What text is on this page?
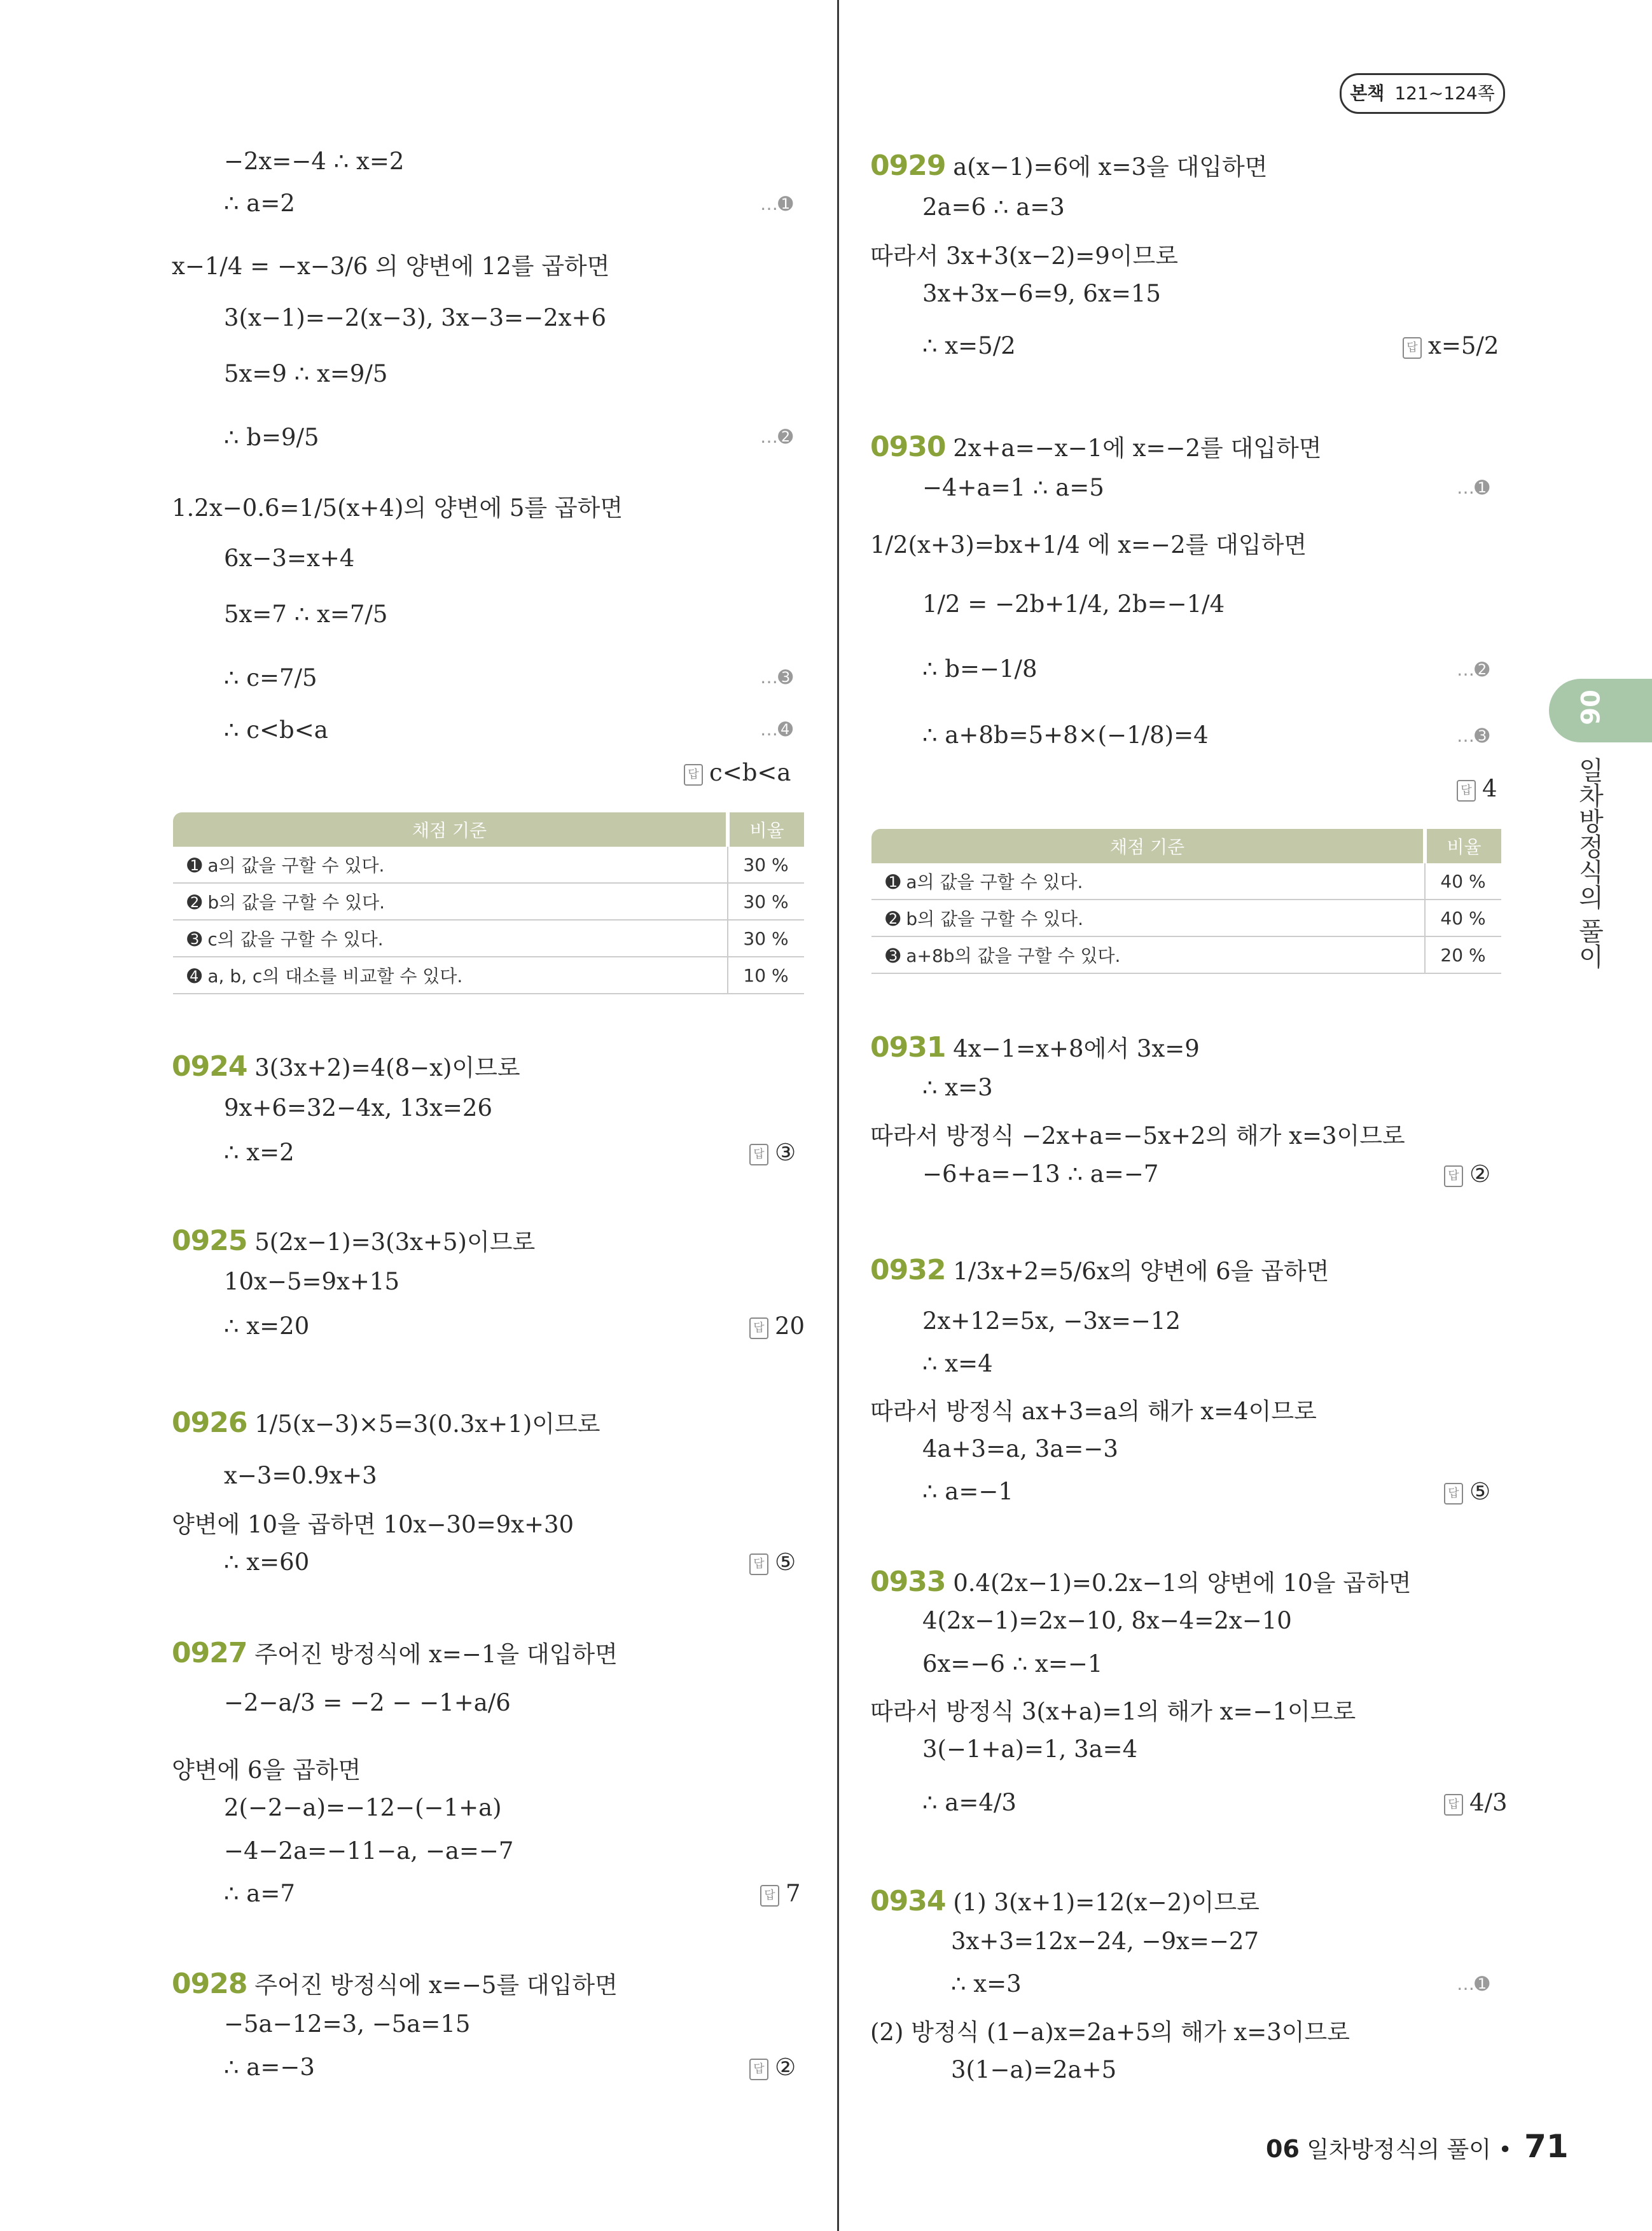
본책 121~124쪽
06
일차방정식의 풀이
−2x=−4 ∴ x=2
∴ a=2	…➊
x−1/4 = −x−3/6 의 양변에 12를 곱하면
3(x−1)=−2(x−3), 3x−3=−2x+6
5x=9 ∴ x=9/5
∴ b=9/5	…➋
1.2x−0.6=1/5(x+4)의 양변에 5를 곱하면
6x−3=x+4
5x=7 ∴ x=7/5
∴ c=7/5	…➌
∴ c<b<a	…➍
답 c<b<a
채점 기준	비율
➊ a의 값을 구할 수 있다.	30 %
➋ b의 값을 구할 수 있다.	30 %
➌ c의 값을 구할 수 있다.	30 %
➍ a, b, c의 대소를 비교할 수 있다.	10 %
0924 3(3x+2)=4(8−x)이므로
9x+6=32−4x, 13x=26
∴ x=2	답 ③
0925 5(2x−1)=3(3x+5)이므로
10x−5=9x+15
∴ x=20	답 20
0926 1/5(x−3)×5=3(0.3x+1)이므로
x−3=0.9x+3
양변에 10을 곱하면 10x−30=9x+30
∴ x=60	답 ⑤
0927 주어진 방정식에 x=−1을 대입하면
−2−a/3 = −2 − −1+a/6
양변에 6을 곱하면
2(−2−a)=−12−(−1+a)
−4−2a=−11−a, −a=−7
∴ a=7	답 7
0928 주어진 방정식에 x=−5를 대입하면
−5a−12=3, −5a=15
∴ a=−3	답 ②
0929 a(x−1)=6에 x=3을 대입하면
2a=6 ∴ a=3
따라서 3x+3(x−2)=9이므로
3x+3x−6=9, 6x=15
∴ x=5/2	답 x=5/2
0930 2x+a=−x−1에 x=−2를 대입하면
−4+a=1 ∴ a=5	…➊
1/2(x+3)=bx+1/4 에 x=−2를 대입하면
1/2 = −2b+1/4, 2b=−1/4
∴ b=−1/8	…➋
∴ a+8b=5+8×(−1/8)=4	…➌
답 4
채점 기준	비율
➊ a의 값을 구할 수 있다.	40 %
➋ b의 값을 구할 수 있다.	40 %
➌ a+8b의 값을 구할 수 있다.	20 %
0931 4x−1=x+8에서 3x=9
∴ x=3
따라서 방정식 −2x+a=−5x+2의 해가 x=3이므로
−6+a=−13 ∴ a=−7	답 ②
0932 1/3x+2=5/6x의 양변에 6을 곱하면
2x+12=5x, −3x=−12
∴ x=4
따라서 방정식 ax+3=a의 해가 x=4이므로
4a+3=a, 3a=−3
∴ a=−1	답 ⑤
0933 0.4(2x−1)=0.2x−1의 양변에 10을 곱하면
4(2x−1)=2x−10, 8x−4=2x−10
6x=−6 ∴ x=−1
따라서 방정식 3(x+a)=1의 해가 x=−1이므로
3(−1+a)=1, 3a=4
∴ a=4/3	답 4/3
0934 (1) 3(x+1)=12(x−2)이므로
3x+3=12x−24, −9x=−27
∴ x=3	…➊
(2) 방정식 (1−a)x=2a+5의 해가 x=3이므로
3(1−a)=2a+5
06 일차방정식의 풀이 • 71
